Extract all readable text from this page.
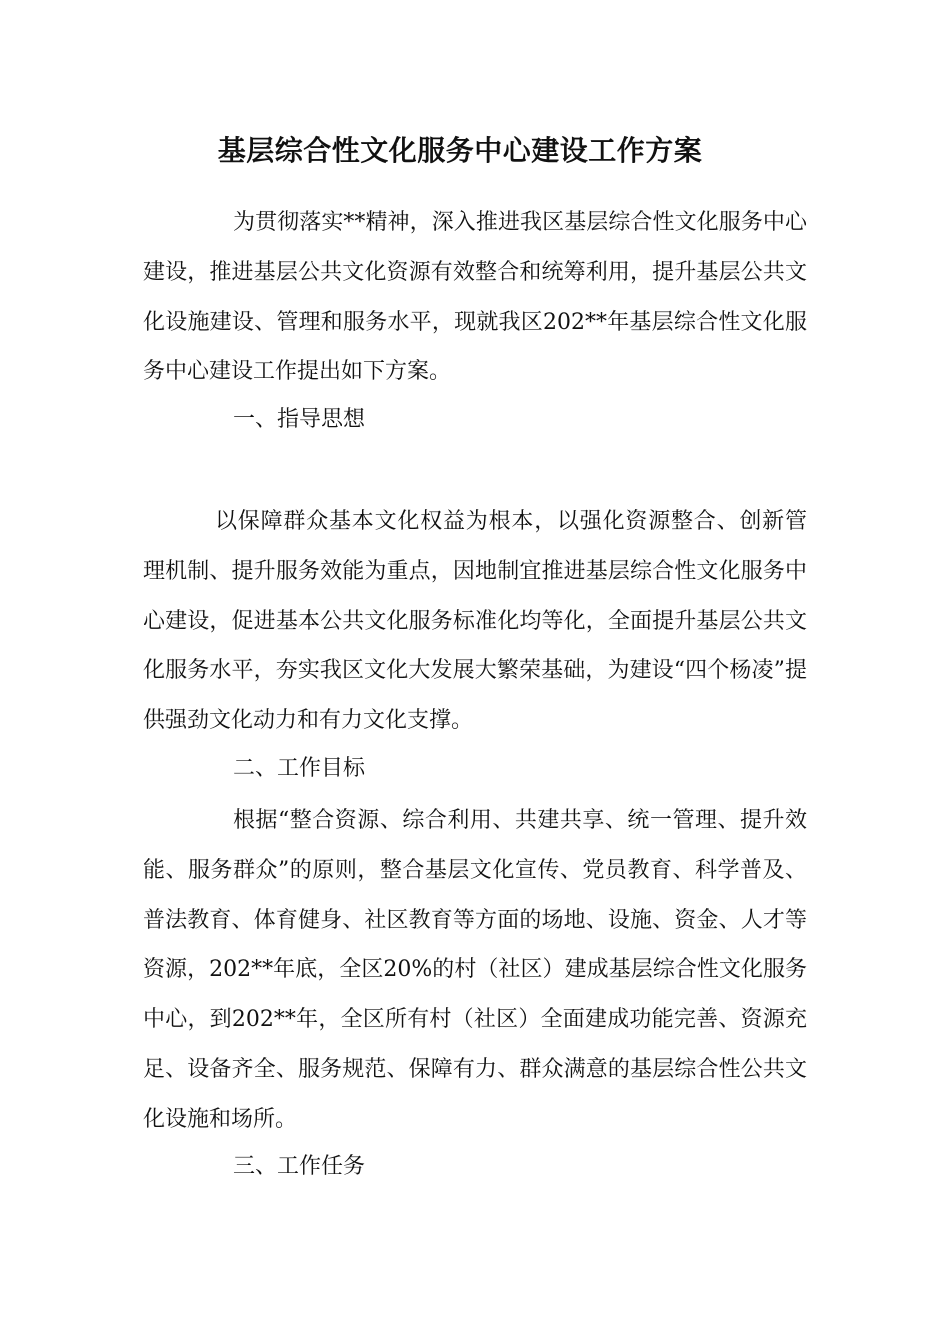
基层综合性文化服务中心建设工作方案

为贯彻落实**精神，深入推进我区基层综合性文化服务中心建设，推进基层公共文化资源有效整合和统筹利用，提升基层公共文化设施建设、管理和服务水平，现就我区202**年基层综合性文化服务中心建设工作提出如下方案。

一、指导思想

以保障群众基本文化权益为根本，以强化资源整合、创新管理机制、提升服务效能为重点，因地制宜推进基层综合性文化服务中心建设，促进基本公共文化服务标准化均等化，全面提升基层公共文化服务水平，夯实我区文化大发展大繁荣基础，为建设“四个杨凌”提供强劲文化动力和有力文化支撑。

二、工作目标

根据“整合资源、综合利用、共建共享、统一管理、提升效能、服务群众”的原则，整合基层文化宣传、党员教育、科学普及、普法教育、体育健身、社区教育等方面的场地、设施、资金、人才等资源，202**年底，全区20%的村（社区）建成基层综合性文化服务中心，到202**年，全区所有村（社区）全面建成功能完善、资源充足、设备齐全、服务规范、保障有力、群众满意的基层综合性公共文化设施和场所。

三、工作任务
